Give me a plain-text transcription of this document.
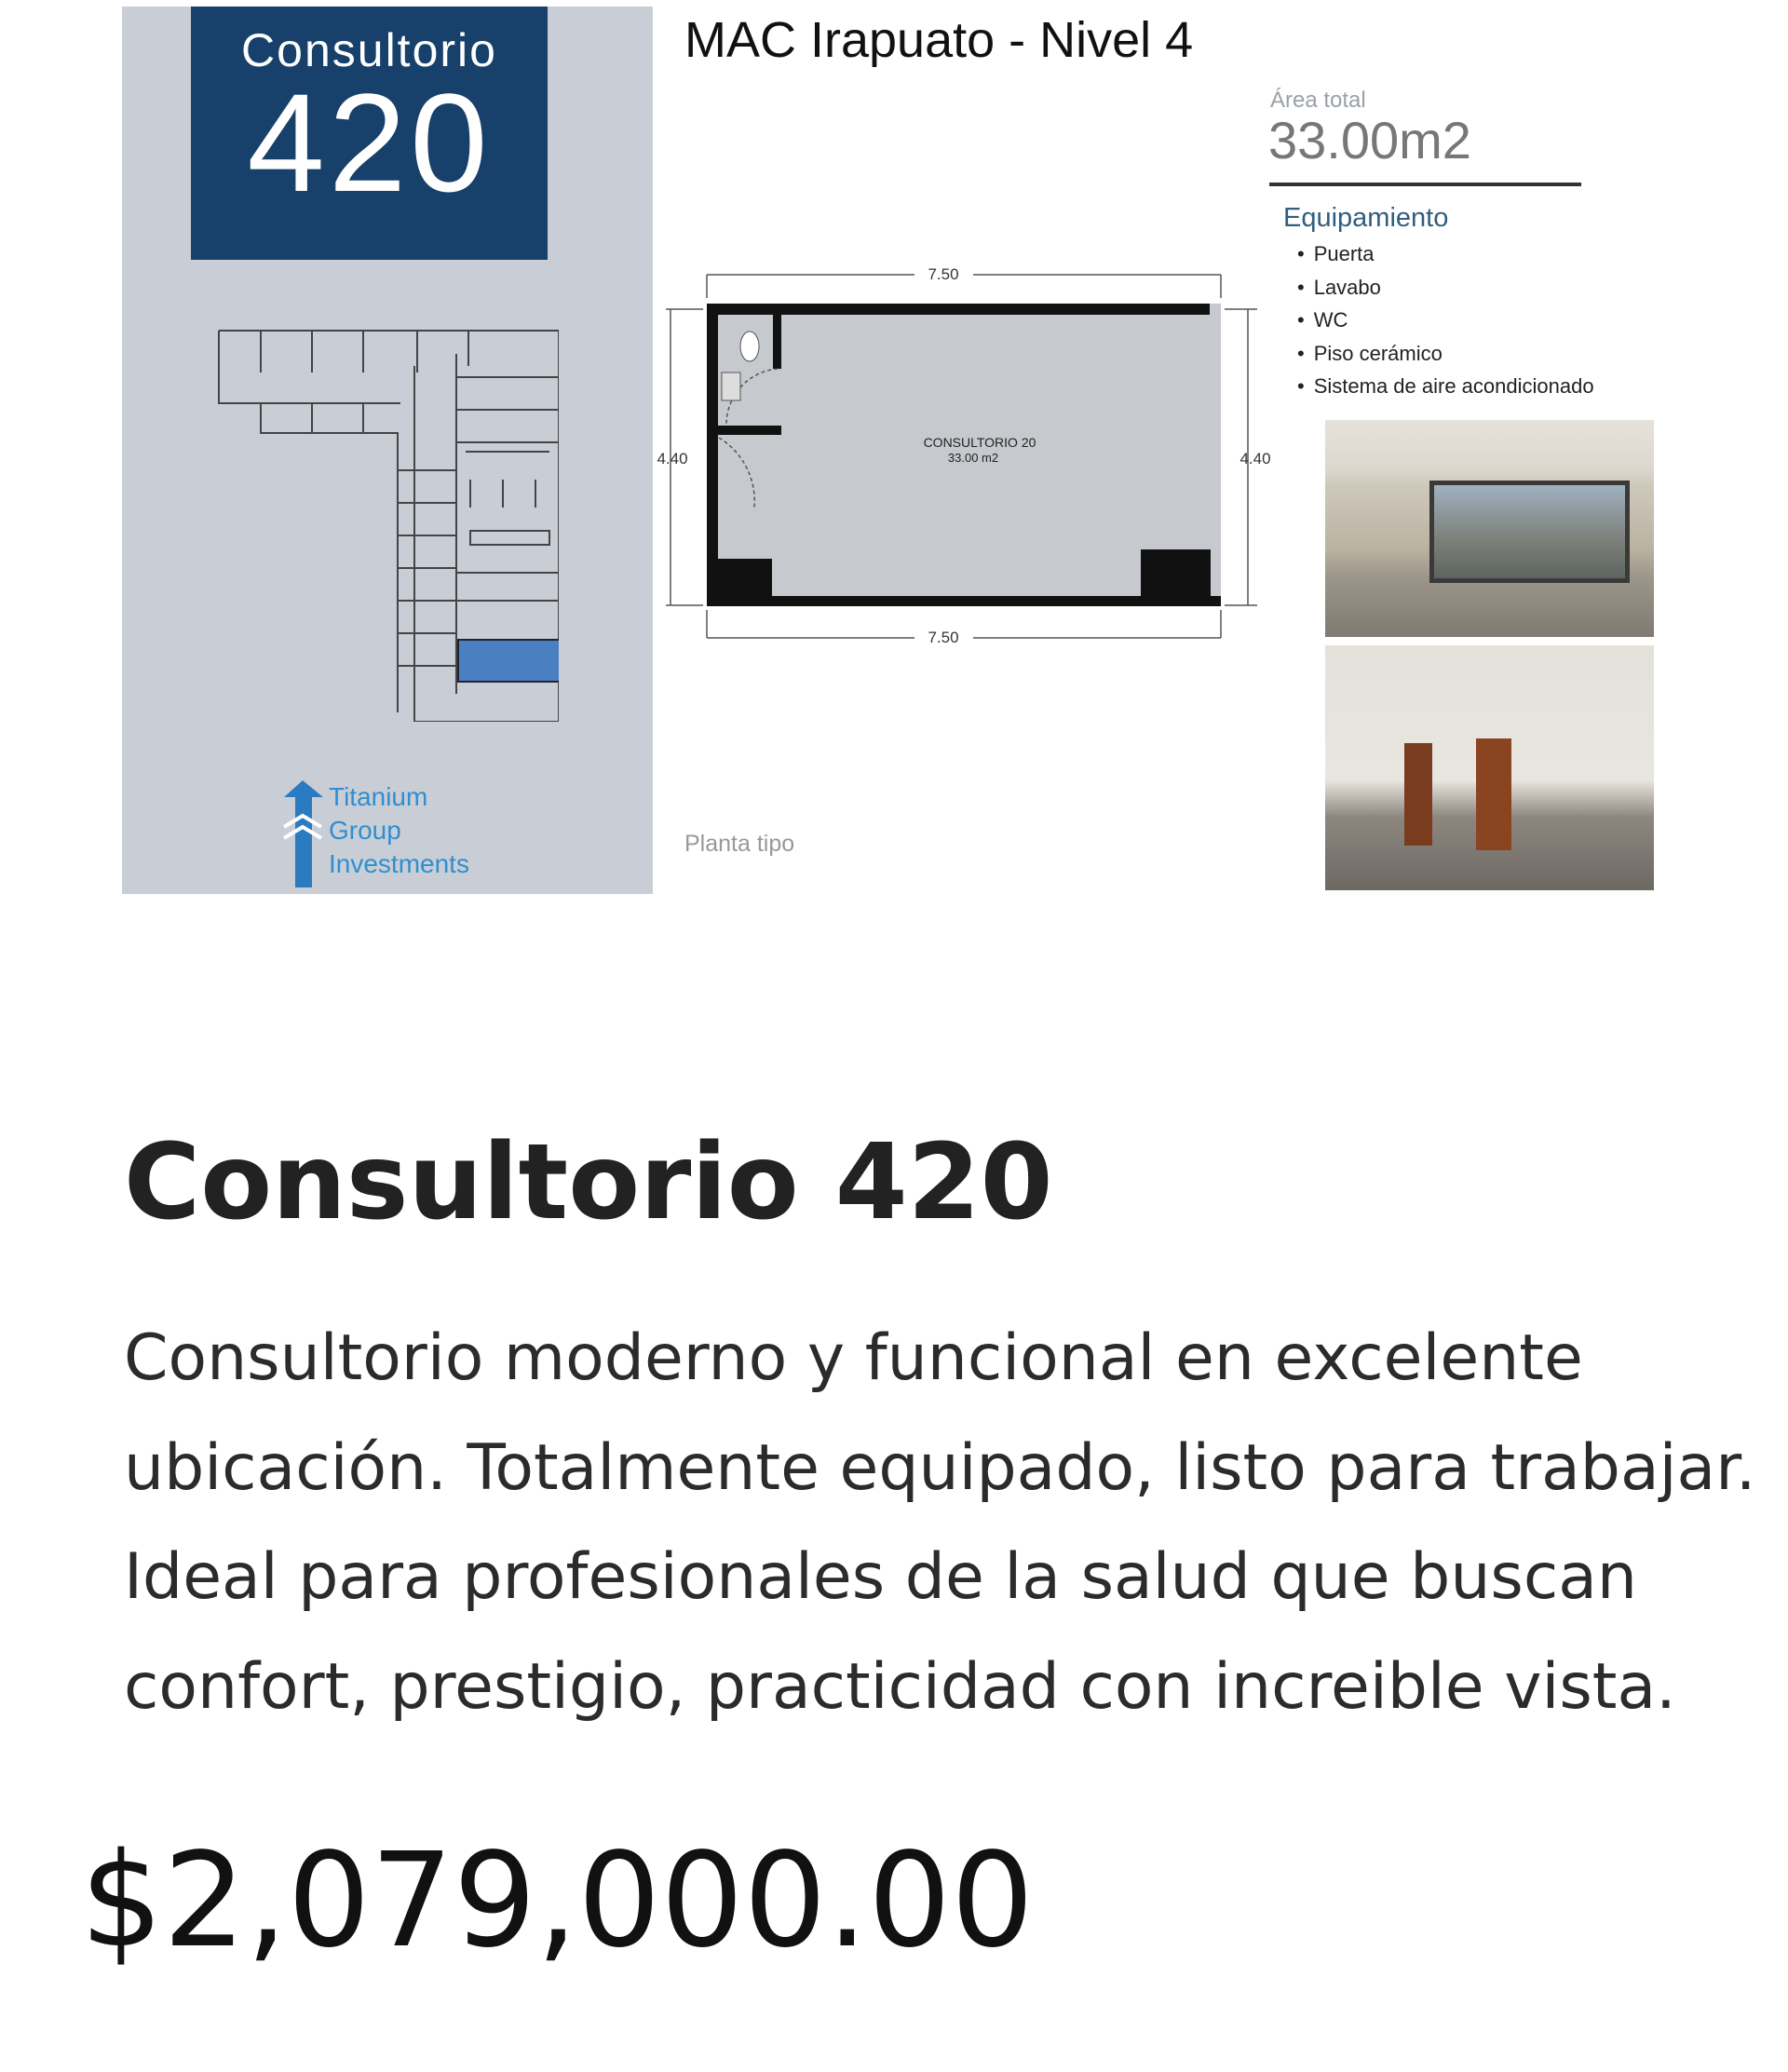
Consultorio
420
Titanium
Group
Investments
MAC Irapuato - Nivel 4
Área total
33.00m2
Equipamiento
• Puerta
• Lavabo
• WC
• Piso cerámico
• Sistema de aire acondicionado
7.50
7.50
4.40	4.40
CONSULTORIO 20
33.00 m2
Planta tipo
Consultorio 420
Consultorio moderno y funcional en excelente
ubicación. Totalmente equipado, listo para trabajar.
Ideal para profesionales de la salud que buscan
confort, prestigio, practicidad con increible vista.
$2,079,000.00
